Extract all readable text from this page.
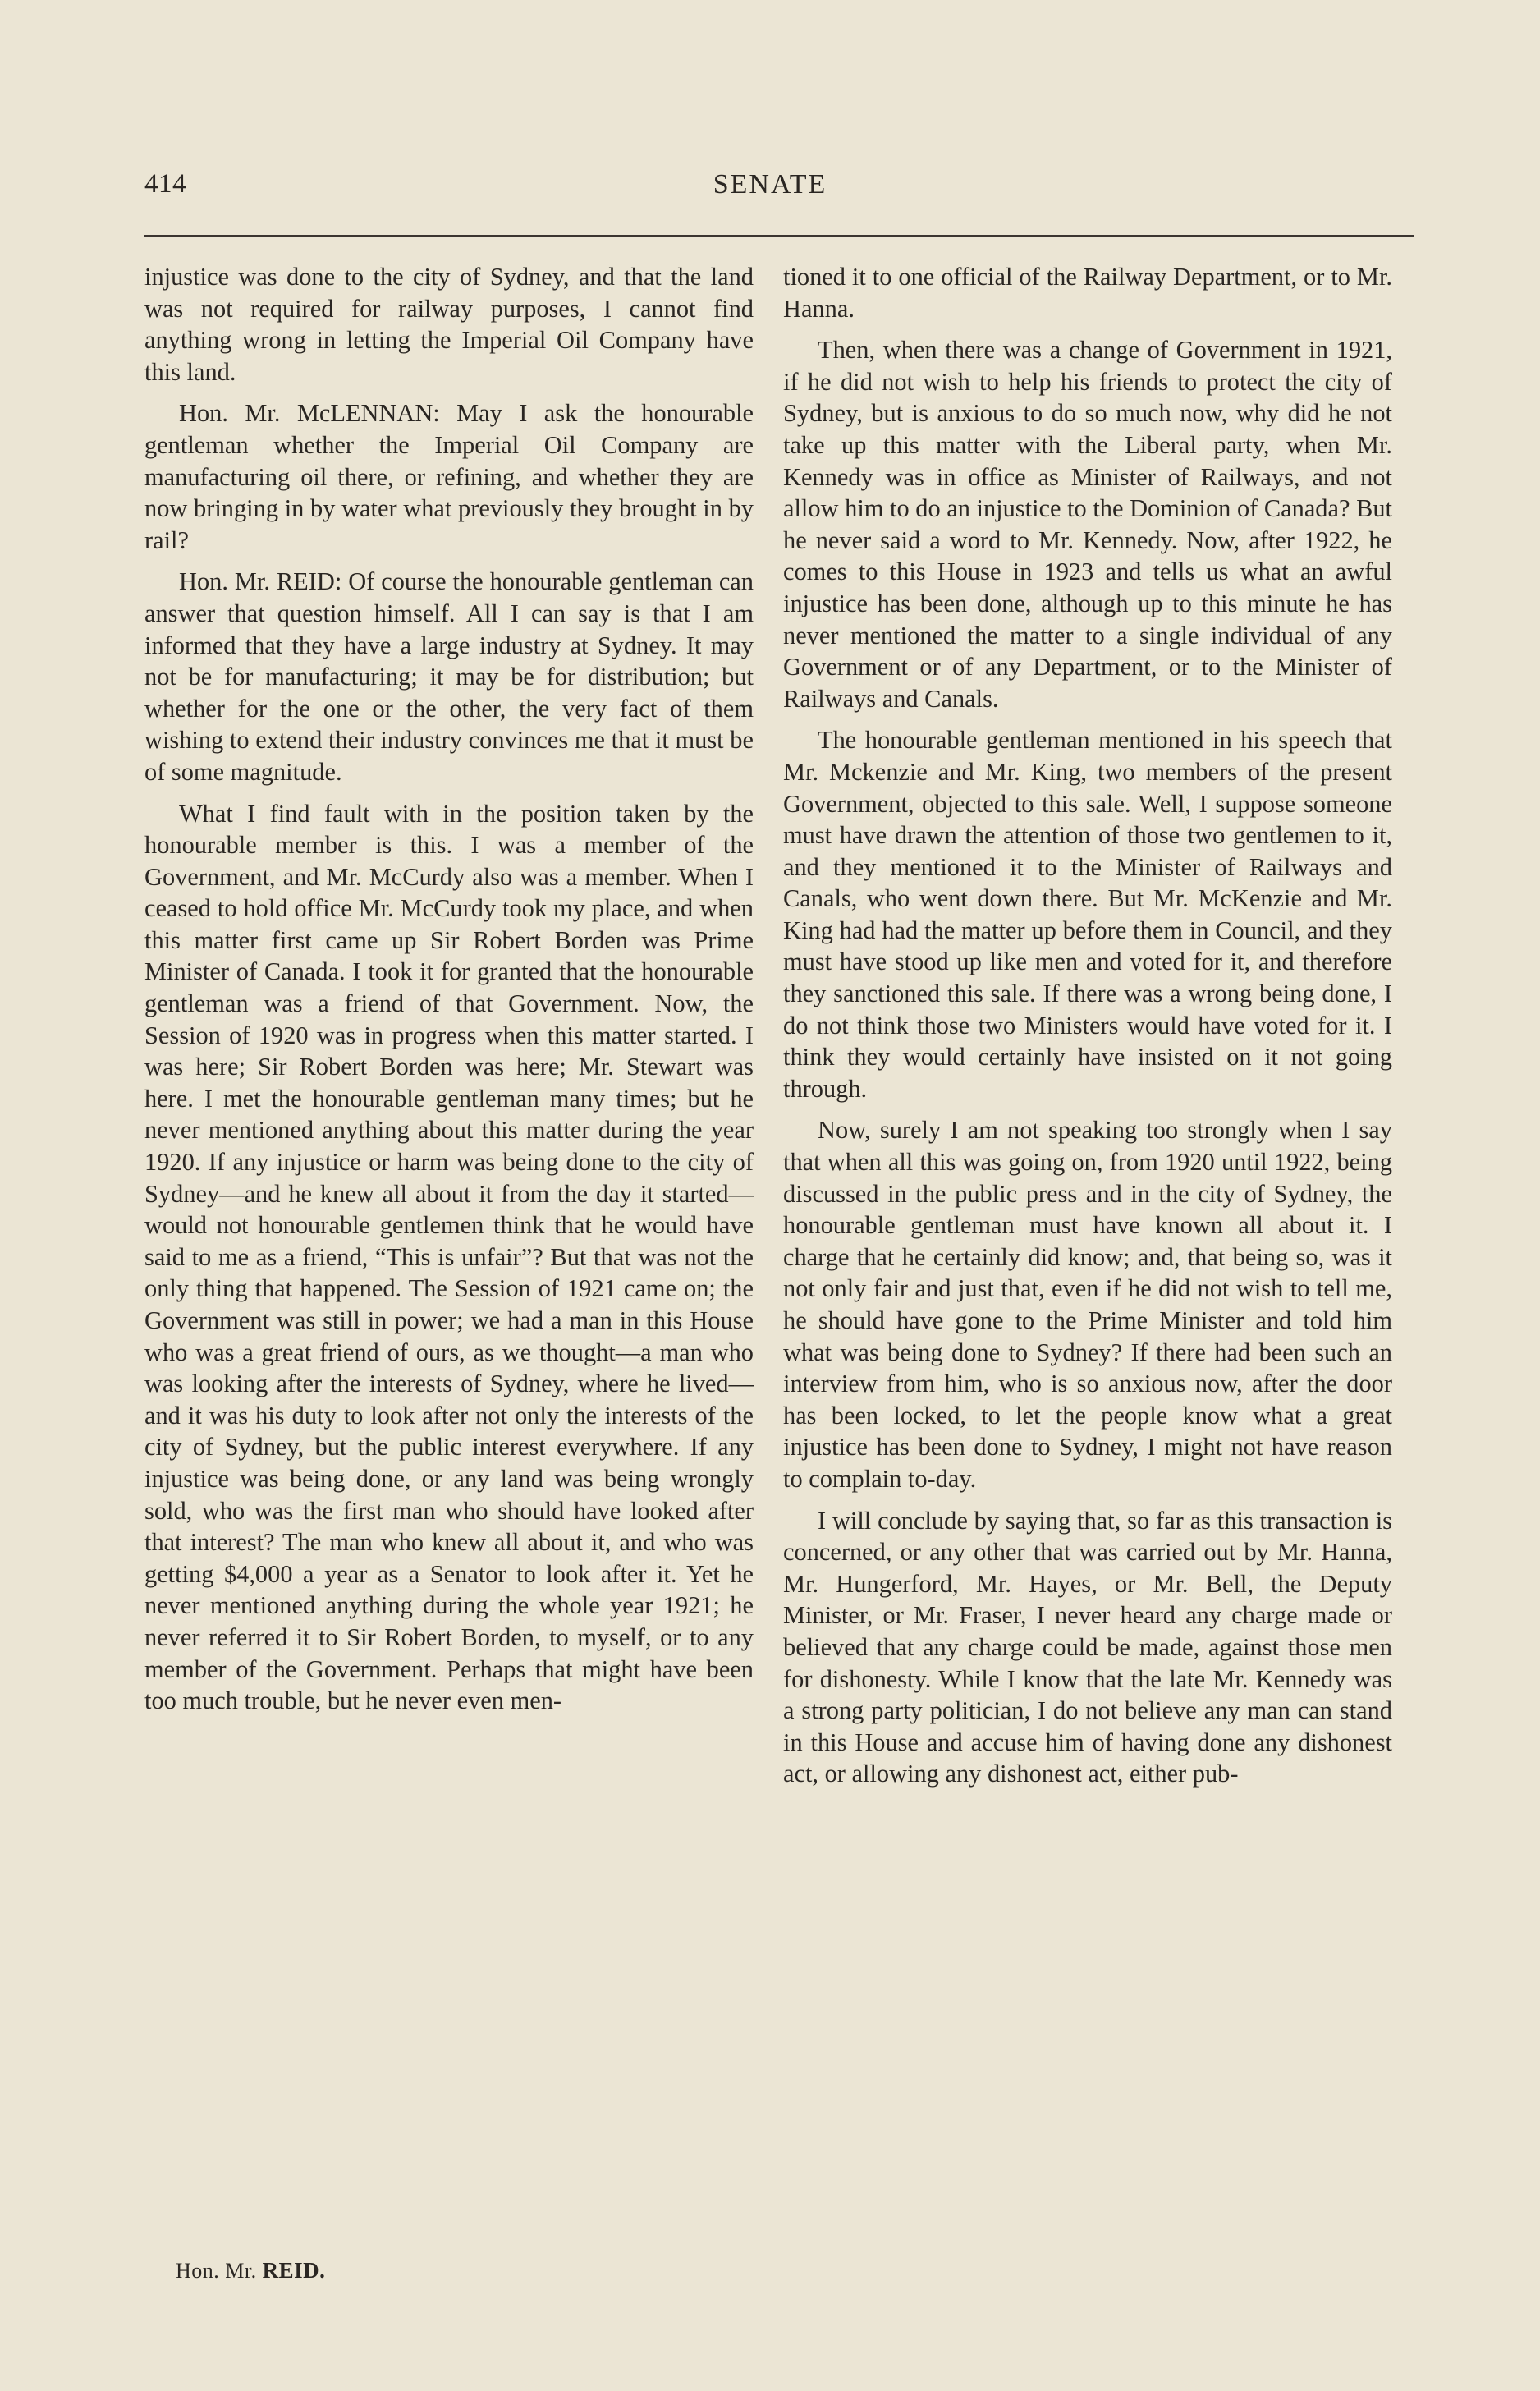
414	SENATE

injustice was done to the city of Sydney, and that the land was not required for railway purposes, I cannot find anything wrong in letting the Imperial Oil Company have this land.

Hon. Mr. McLENNAN: May I ask the honourable gentleman whether the Imperial Oil Company are manufacturing oil there, or refining, and whether they are now bringing in by water what previously they brought in by rail?

Hon. Mr. REID: Of course the honourable gentleman can answer that question himself. All I can say is that I am informed that they have a large industry at Sydney. It may not be for manufacturing; it may be for distribution; but whether for the one or the other, the very fact of them wishing to extend their industry convinces me that it must be of some magnitude.

What I find fault with in the position taken by the honourable member is this. I was a member of the Government, and Mr. McCurdy also was a member. When I ceased to hold office Mr. McCurdy took my place, and when this matter first came up Sir Robert Borden was Prime Minister of Canada. I took it for granted that the honourable gentleman was a friend of that Government. Now, the Session of 1920 was in progress when this matter started. I was here; Sir Robert Borden was here; Mr. Stewart was here. I met the honourable gentleman many times; but he never mentioned anything about this matter during the year 1920. If any injustice or harm was being done to the city of Sydney—and he knew all about it from the day it started—would not honourable gentlemen think that he would have said to me as a friend, “This is unfair”? But that was not the only thing that happened. The Session of 1921 came on; the Government was still in power; we had a man in this House who was a great friend of ours, as we thought—a man who was looking after the interests of Sydney, where he lived—and it was his duty to look after not only the interests of the city of Sydney, but the public interest everywhere. If any injustice was being done, or any land was being wrongly sold, who was the first man who should have looked after that interest? The man who knew all about it, and who was getting $4,000 a year as a Senator to look after it. Yet he never mentioned anything during the whole year 1921; he never referred it to Sir Robert Borden, to myself, or to any member of the Government. Perhaps that might have been too much trouble, but he never even men-

tioned it to one official of the Railway Department, or to Mr. Hanna.

Then, when there was a change of Government in 1921, if he did not wish to help his friends to protect the city of Sydney, but is anxious to do so much now, why did he not take up this matter with the Liberal party, when Mr. Kennedy was in office as Minister of Railways, and not allow him to do an injustice to the Dominion of Canada? But he never said a word to Mr. Kennedy. Now, after 1922, he comes to this House in 1923 and tells us what an awful injustice has been done, although up to this minute he has never mentioned the matter to a single individual of any Government or of any Department, or to the Minister of Railways and Canals.

The honourable gentleman mentioned in his speech that Mr. Mckenzie and Mr. King, two members of the present Government, objected to this sale. Well, I suppose someone must have drawn the attention of those two gentlemen to it, and they mentioned it to the Minister of Railways and Canals, who went down there. But Mr. McKenzie and Mr. King had had the matter up before them in Council, and they must have stood up like men and voted for it, and therefore they sanctioned this sale. If there was a wrong being done, I do not think those two Ministers would have voted for it. I think they would certainly have insisted on it not going through.

Now, surely I am not speaking too strongly when I say that when all this was going on, from 1920 until 1922, being discussed in the public press and in the city of Sydney, the honourable gentleman must have known all about it. I charge that he certainly did know; and, that being so, was it not only fair and just that, even if he did not wish to tell me, he should have gone to the Prime Minister and told him what was being done to Sydney? If there had been such an interview from him, who is so anxious now, after the door has been locked, to let the people know what a great injustice has been done to Sydney, I might not have reason to complain to-day.

I will conclude by saying that, so far as this transaction is concerned, or any other that was carried out by Mr. Hanna, Mr. Hungerford, Mr. Hayes, or Mr. Bell, the Deputy Minister, or Mr. Fraser, I never heard any charge made or believed that any charge could be made, against those men for dishonesty. While I know that the late Mr. Kennedy was a strong party politician, I do not believe any man can stand in this House and accuse him of having done any dishonest act, or allowing any dishonest act, either pub-

Hon. Mr. REID.
